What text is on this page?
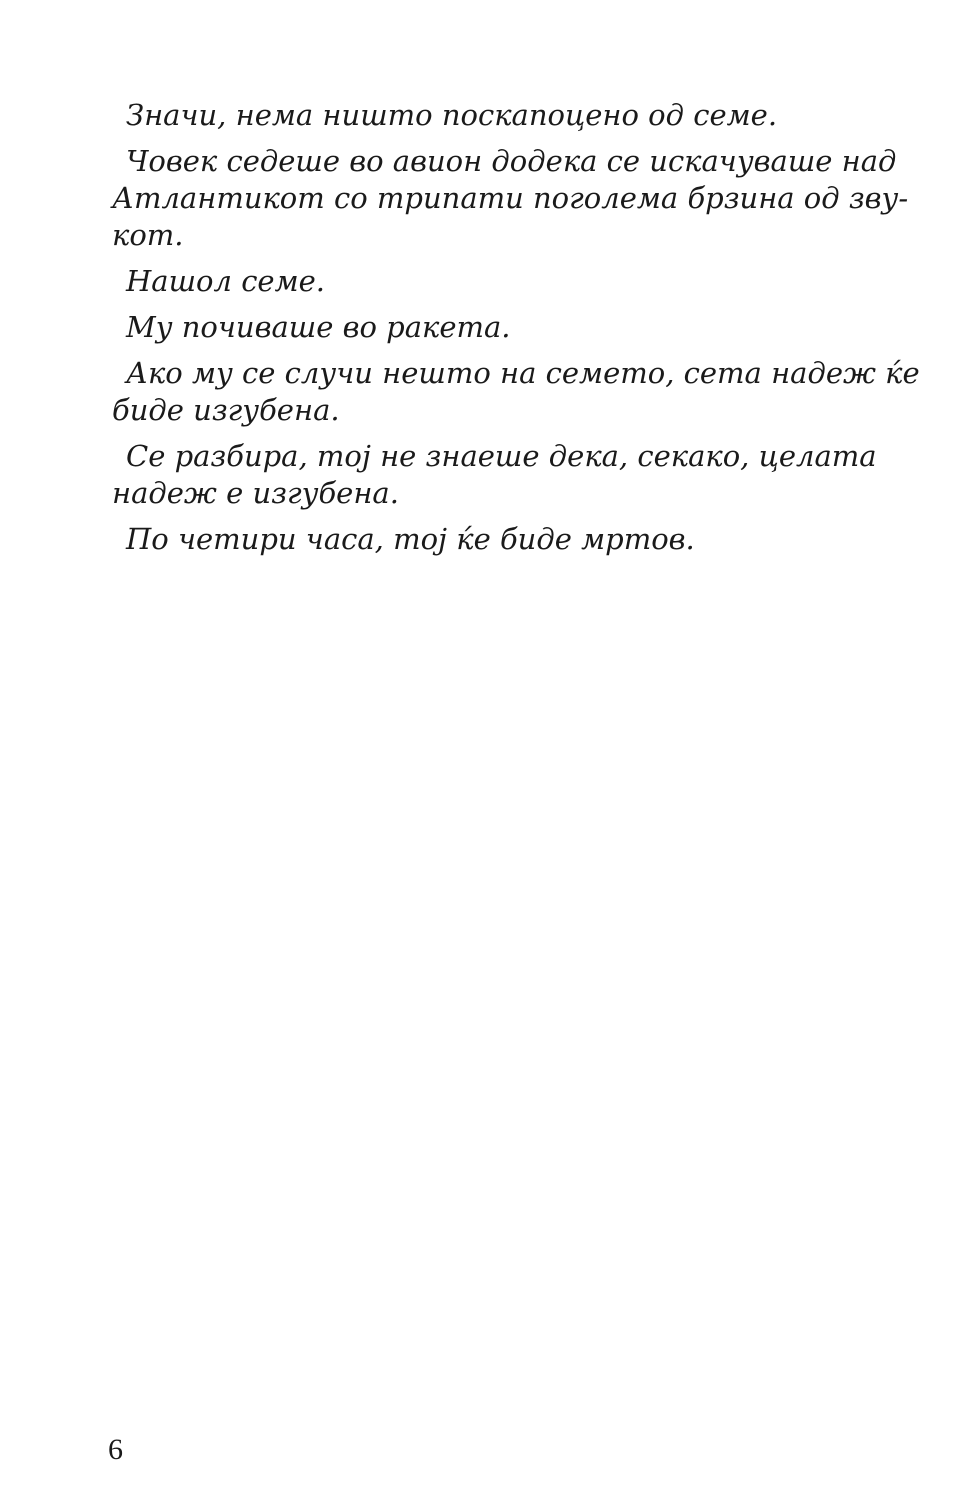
Значи, нема ништо поскапоцено од семе.

Човек седеше во авион додека се искачуваше над
Атлантикот со трипати поголема брзина од зву-
кот.

Нашол семе.

Му почиваше во ракета.

Ако му се случи нешто на семето, сета надеж ќе
биде изгубена.

Се разбира, тој не знаеше дека, секако, целата
надеж е изгубена.

По четири часа, тој ќе биде мртов.

6
